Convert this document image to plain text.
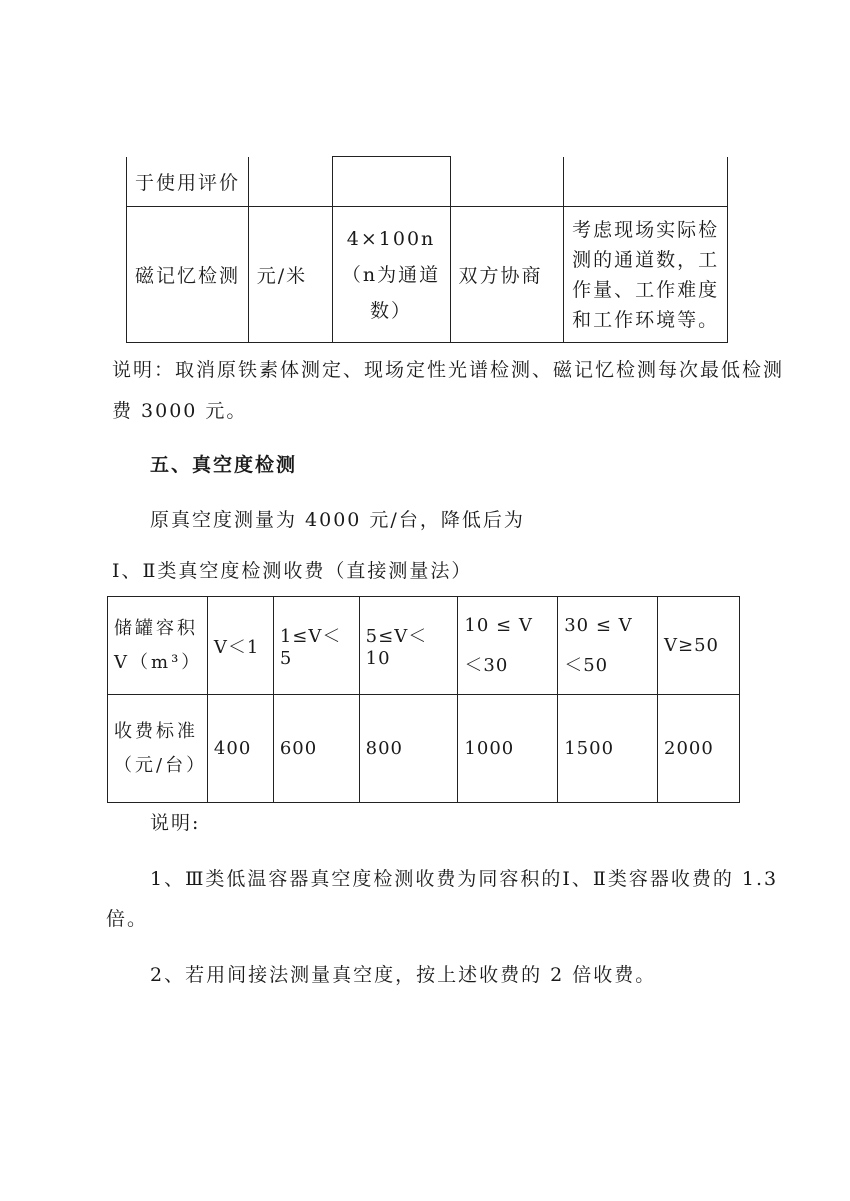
于使用评价				
磁记忆检测	元/米	4×100n（n为通道数）	双方协商	考虑现场实际检测的通道数，工作量、工作难度和工作环境等。
说明：取消原铁素体测定、现场定性光谱检测、磁记忆检测每次最低检测
费 3000 元。
五、真空度检测
原真空度测量为 4000 元/台，降低后为
Ⅰ、Ⅱ类真空度检测收费（直接测量法）
储罐容积V（m³）	V＜1	1≤V＜5	5≤V＜10	10 ≤ V ＜30	30 ≤ V ＜50	V≥50
收费标准（元/台）	400	600	800	1000	1500	2000
说明:
1、Ⅲ类低温容器真空度检测收费为同容积的Ⅰ、Ⅱ类容器收费的 1.3
倍。
2、若用间接法测量真空度，按上述收费的 2 倍收费。
